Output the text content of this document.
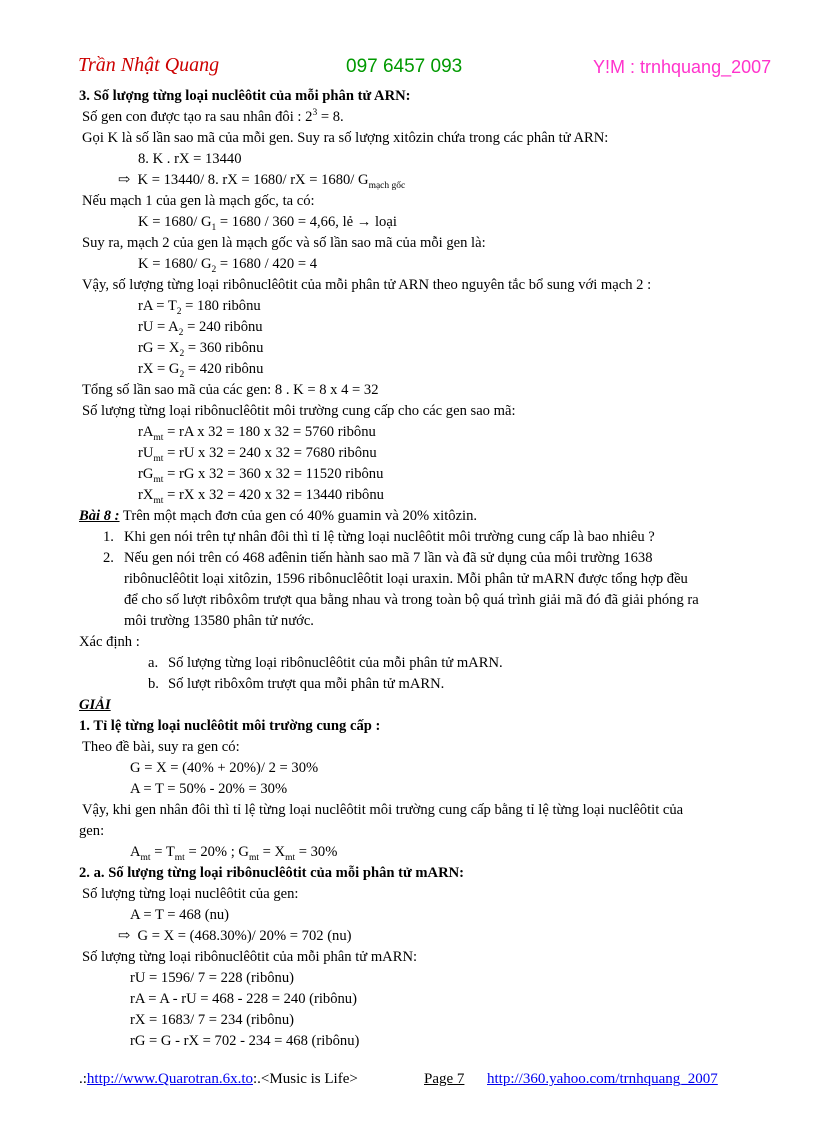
Trần Nhật Quang	097 6457 093	Y!M : trnhquang_2007
3. Số lượng từng loại nuclêôtit của mỗi phân tử ARN:
Số gen con được tạo ra sau nhân đôi : $2^3 = 8$.
Gọi K là số lần sao mã của mỗi gen. Suy ra số lượng xitôzin chứa trong các phân tử ARN:
8. K . rX = 13440
⇨ K = 13440/ 8. rX = 1680/ rX = 1680/ $G_{mạch gốc}$
Nếu mạch 1 của gen là mạch gốc, ta có:
K = 1680/ $G_1 = 1680 / 360 = 4,66$, lẻ → loại
Suy ra, mạch 2 của gen là mạch gốc và số lần sao mã của mỗi gen là:
K = 1680/ $G_2 = 1680 / 420 = 4$
Vậy, số lượng từng loại ribônuclêôtit của mỗi phân tử ARN theo nguyên tắc bổ sung với mạch 2 :
rA = $T_2 = 180$ ribônu
rU = $A_2 = 240$ ribônu
rG = $X_2 = 360$ ribônu
rX = $G_2 = 420$ ribônu
Tổng số lần sao mã của các gen: 8 . K = 8 x 4 = 32
Số lượng từng loại ribônuclêôtit môi trường cung cấp cho các gen sao mã:
$rA_{mt}$ = rA x 32 = 180 x 32 = 5760 ribônu
$rU_{mt}$ = rU x 32 = 240 x 32 = 7680 ribônu
$rG_{mt}$ = rG x 32 = 360 x 32 = 11520 ribônu
$rX_{mt}$ = rX x 32 = 420 x 32 = 13440 ribônu
Bài 8 : Trên một mạch đơn của gen có 40% guamin và 20% xitôzin.
1. Khi gen nói trên tự nhân đôi thì tỉ lệ từng loại nuclêôtit môi trường cung cấp là bao nhiêu ?
2. Nếu gen nói trên có 468 ađênin tiến hành sao mã 7 lần và đã sử dụng của môi trường 1638
ribônuclêôtit loại xitôzin, 1596 ribônuclêôtit loại uraxin. Mỗi phân tử mARN được tổng hợp đều
để cho số lượt ribôxôm trượt qua bằng nhau và trong toàn bộ quá trình giải mã đó đã giải phóng ra
môi trường 13580 phân tử nước.
Xác định :
a. Số lượng từng loại ribônuclêôtit của mỗi phân tử mARN.
b. Số lượt ribôxôm trượt qua mỗi phân tử mARN.
GIẢI
1. Tỉ lệ từng loại nuclêôtit môi trường cung cấp :
Theo đề bài, suy ra gen có:
G = X = (40% + 20%)/ 2 = 30%
A = T = 50% - 20% = 30%
Vậy, khi gen nhân đôi thì tỉ lệ từng loại nuclêôtit môi trường cung cấp bằng tỉ lệ từng loại nuclêôtit của
gen:
$A_{mt} = T_{mt} = 20\%$ ; $G_{mt} = X_{mt} = 30\%$
2. a. Số lượng từng loại ribônuclêôtit của mỗi phân tử mARN:
Số lượng từng loại nuclêôtit của gen:
A = T = 468 (nu)
⇨ G = X = (468.30%)/ 20% = 702 (nu)
Số lượng từng loại ribônuclêôtit của mỗi phân tử mARN:
rU = 1596/ 7 = 228 (ribônu)
rA = A - rU = 468 - 228 = 240 (ribônu)
rX = 1683/ 7 = 234 (ribônu)
rG = G - rX = 702 - 234 = 468 (ribônu)
.:http://www.Quarotran.6x.to:.<Music is Life>	Page 7 http://360.yahoo.com/trnhquang_2007
